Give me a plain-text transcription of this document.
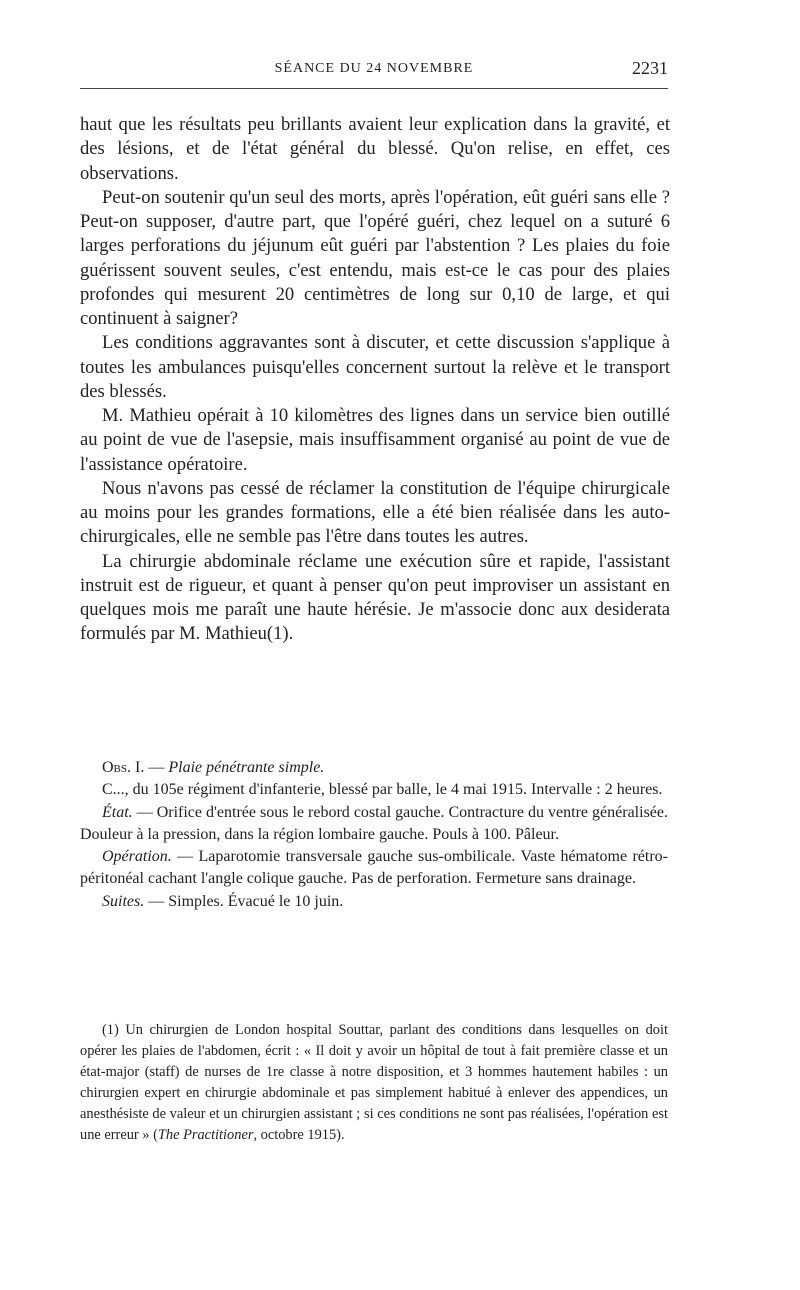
SÉANCE DU 24 NOVEMBRE	2231

haut que les résultats peu brillants avaient leur explication dans la gravité, et des lésions, et de l'état général du blessé. Qu'on relise, en effet, ces observations.

Peut-on soutenir qu'un seul des morts, après l'opération, eût guéri sans elle ? Peut-on supposer, d'autre part, que l'opéré guéri, chez lequel on a suturé 6 larges perforations du jéjunum eût guéri par l'abstention ? Les plaies du foie guérissent souvent seules, c'est entendu, mais est-ce le cas pour des plaies profondes qui mesurent 20 centimètres de long sur 0,10 de large, et qui continuent à saigner?

Les conditions aggravantes sont à discuter, et cette discussion s'applique à toutes les ambulances puisqu'elles concernent surtout la relève et le transport des blessés.

M. Mathieu opérait à 10 kilomètres des lignes dans un service bien outillé au point de vue de l'asepsie, mais insuffisamment organisé au point de vue de l'assistance opératoire.

Nous n'avons pas cessé de réclamer la constitution de l'équipe chirurgicale au moins pour les grandes formations, elle a été bien réalisée dans les auto-chirurgicales, elle ne semble pas l'être dans toutes les autres.

La chirurgie abdominale réclame une exécution sûre et rapide, l'assistant instruit est de rigueur, et quant à penser qu'on peut improviser un assistant en quelques mois me paraît une haute hérésie. Je m'associe donc aux desiderata formulés par M. Mathieu(1).

Obs. I. — Plaie pénétrante simple.

C..., du 105e régiment d'infanterie, blessé par balle, le 4 mai 1915. Intervalle : 2 heures.

État. — Orifice d'entrée sous le rebord costal gauche. Contracture du ventre généralisée. Douleur à la pression, dans la région lombaire gauche. Pouls à 100. Pâleur.

Opération. — Laparotomie transversale gauche sus-ombilicale. Vaste hématome rétro-péritonéal cachant l'angle colique gauche. Pas de perforation. Fermeture sans drainage.

Suites. — Simples. Évacué le 10 juin.

(1) Un chirurgien de London hospital Souttar, parlant des conditions dans lesquelles on doit opérer les plaies de l'abdomen, écrit : « Il doit y avoir un hôpital de tout à fait première classe et un état-major (staff) de nurses de 1re classe à notre disposition, et 3 hommes hautement habiles : un chirurgien expert en chirurgie abdominale et pas simplement habitué à enlever des appendices, un anesthésiste de valeur et un chirurgien assistant ; si ces conditions ne sont pas réalisées, l'opération est une erreur » (The Practitioner, octobre 1915).
